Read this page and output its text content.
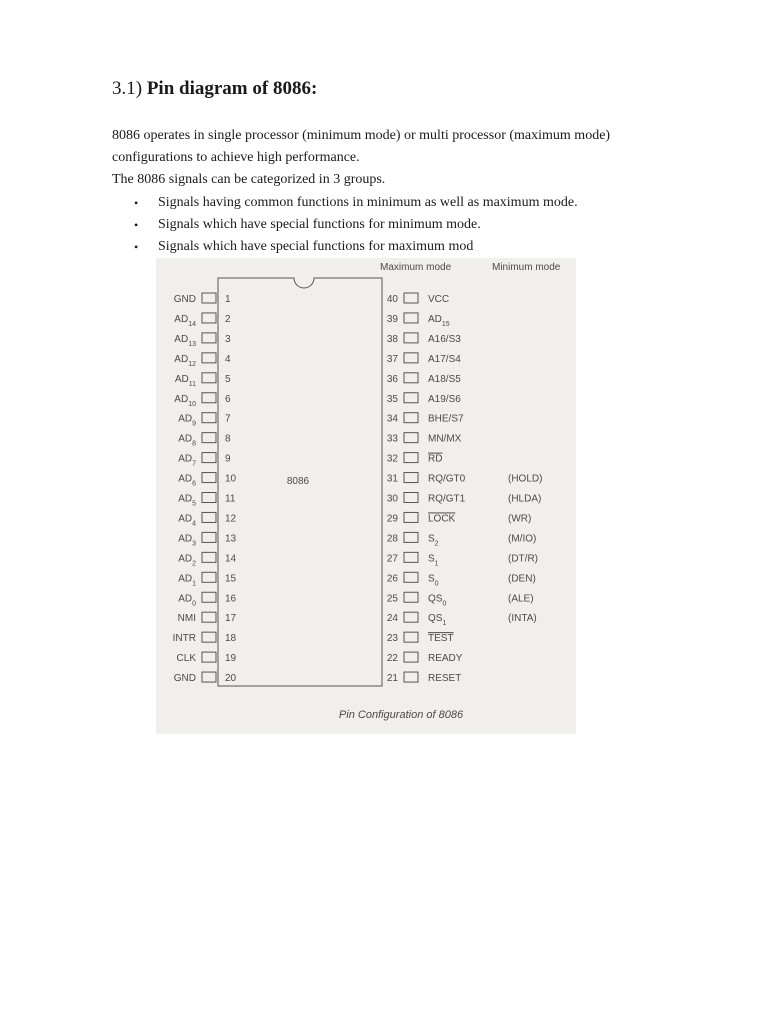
3.1) Pin diagram of 8086:

8086 operates in single processor (minimum mode) or multi processor (maximum mode)

configurations to achieve high performance.

The 8086 signals can be categorized in 3 groups.

• Signals having common functions in minimum as well as maximum mode.
• Signals which have special functions for minimum mode.
• Signals which have special functions for maximum mod
Maximum mode	Minimum mode
8086
GND	1
$AD_{14}$	2
$AD_{13}$	3
$AD_{12}$	4
$AD_{11}$	5
$AD_{10}$	6
$AD_9$	7
$AD_8$	8
$AD_7$	9
$AD_6$	10
$AD_5$	11
$AD_4$	12
$AD_3$	13
$AD_2$	14
$AD_1$	15
$AD_0$	16
NMI	17
INTR	18
CLK	19
GND	20
40	VCC
39	$AD_{15}$
38	A16/S3
37	A17/S4
36	A18/S5
35	A19/S6
34	BHE/S7
33	MN/MX
32	RD
31	RQ/GT0	(HOLD)
30	RQ/GT1	(HLDA)
29	LOCK	(WR)
28	$S_2$	(M/IO)
27	$S_1$	(DT/R)
26	$S_0$	(DEN)
25	$QS_0$	(ALE)
24	$QS_1$	(INTA)
23	TEST
22	READY
21	RESET
Pin Configuration of 8086
